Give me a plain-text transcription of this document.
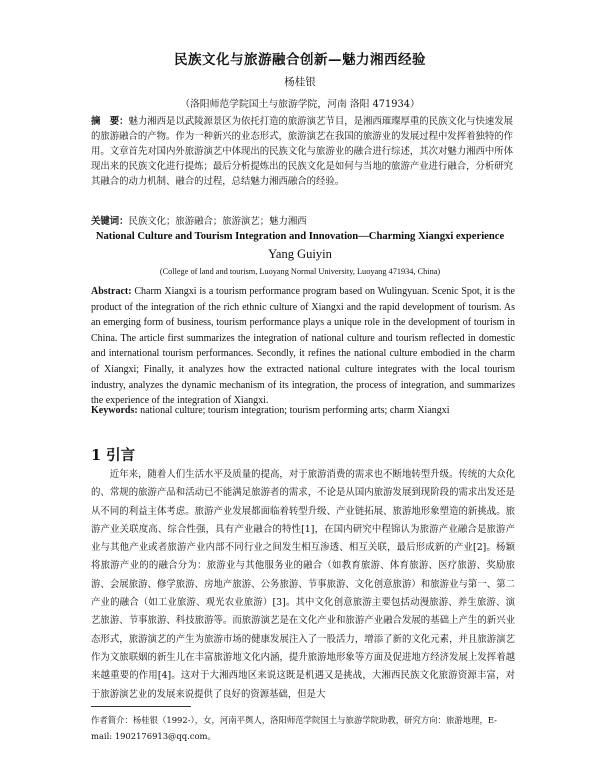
民族文化与旅游融合创新—魅力湘西经验
杨桂银
（洛阳师范学院国土与旅游学院，河南 洛阳 471934）
摘　要：魅力湘西是以武陵源景区为依托打造的旅游演艺节目，是湘西璀璨厚重的民族文化与快速发展的旅游融合的产物。作为一种新兴的业态形式，旅游演艺在我国的旅游业的发展过程中发挥着独特的作用。文章首先对国内外旅游演艺中体现出的民族文化与旅游业的融合进行综述，其次对魅力湘西中所体现出来的民族文化进行提炼；最后分析提炼出的民族文化是如何与当地的旅游产业进行融合，分析研究其融合的动力机制、融合的过程，总结魅力湘西融合的经验。
关键词：民族文化；旅游融合；旅游演艺；魅力湘西
National Culture and Tourism Integration and Innovation—Charming Xiangxi experience
Yang Guiyin
(College of land and tourism, Luoyang Normal University, Luoyang 471934, China)
Abstract: Charm Xiangxi is a tourism performance program based on Wulingyuan. Scenic Spot, it is the product of the integration of the rich ethnic culture of Xiangxi and the rapid development of tourism. As an emerging form of business, tourism performance plays a unique role in the development of tourism in China. The article first summarizes the integration of national culture and tourism reflected in domestic and international tourism performances. Secondly, it refines the national culture embodied in the charm of Xiangxi; Finally, it analyzes how the extracted national culture integrates with the local tourism industry, analyzes the dynamic mechanism of its integration, the process of integration, and summarizes the experience of the integration of Xiangxi.
Keywords: national culture; tourism integration; tourism performing arts; charm Xiangxi
1 引言
近年来，随着人们生活水平及质量的提高，对于旅游消费的需求也不断地转型升级。传统的大众化的、常规的旅游产品和活动已不能满足旅游者的需求，不论是从国内旅游发展到现阶段的需求出发还是从不同的利益主体考虑。旅游产业发展都面临着转型升级、产业链拓展、旅游地形象塑造的新挑战。旅游产业关联度高、综合性强，具有产业融合的特性[1]，在国内研究中程锦认为旅游产业融合是旅游产业与其他产业或者旅游产业内部不同行业之间发生相互渗透、相互关联，最后形成新的产业[2]。杨颖将旅游产业的的融合分为：旅游业与其他服务业的融合（如教育旅游、体育旅游、医疗旅游、奖励旅游、会展旅游、修学旅游、房地产旅游、公务旅游、节事旅游、文化创意旅游）和旅游业与第一、第二产业的融合（如工业旅游、观光农业旅游）[3]。其中文化创意旅游主要包括动漫旅游、养生旅游、演艺旅游、节事旅游、科技旅游等。而旅游演艺是在文化产业和旅游产业融合发展的基础上产生的新兴业态形式，旅游演艺的产生为旅游市场的健康发展注入了一股活力，增添了新的文化元素，并且旅游演艺作为文旅联姻的新生儿在丰富旅游地文化内涵，提升旅游地形象等方面及促进地方经济发展上发挥着越来越重要的作用[4]。这对于大湘西地区来说这既是机遇又是挑战，大湘西民族文化旅游资源丰富，对于旅游演艺业的发展来说提供了良好的资源基础，但是大
作者简介：杨桂银（1992-），女，河南平舆人，洛阳师范学院国土与旅游学院助教，研究方向：旅游地理，E-mail: 1902176913@qq.com。
